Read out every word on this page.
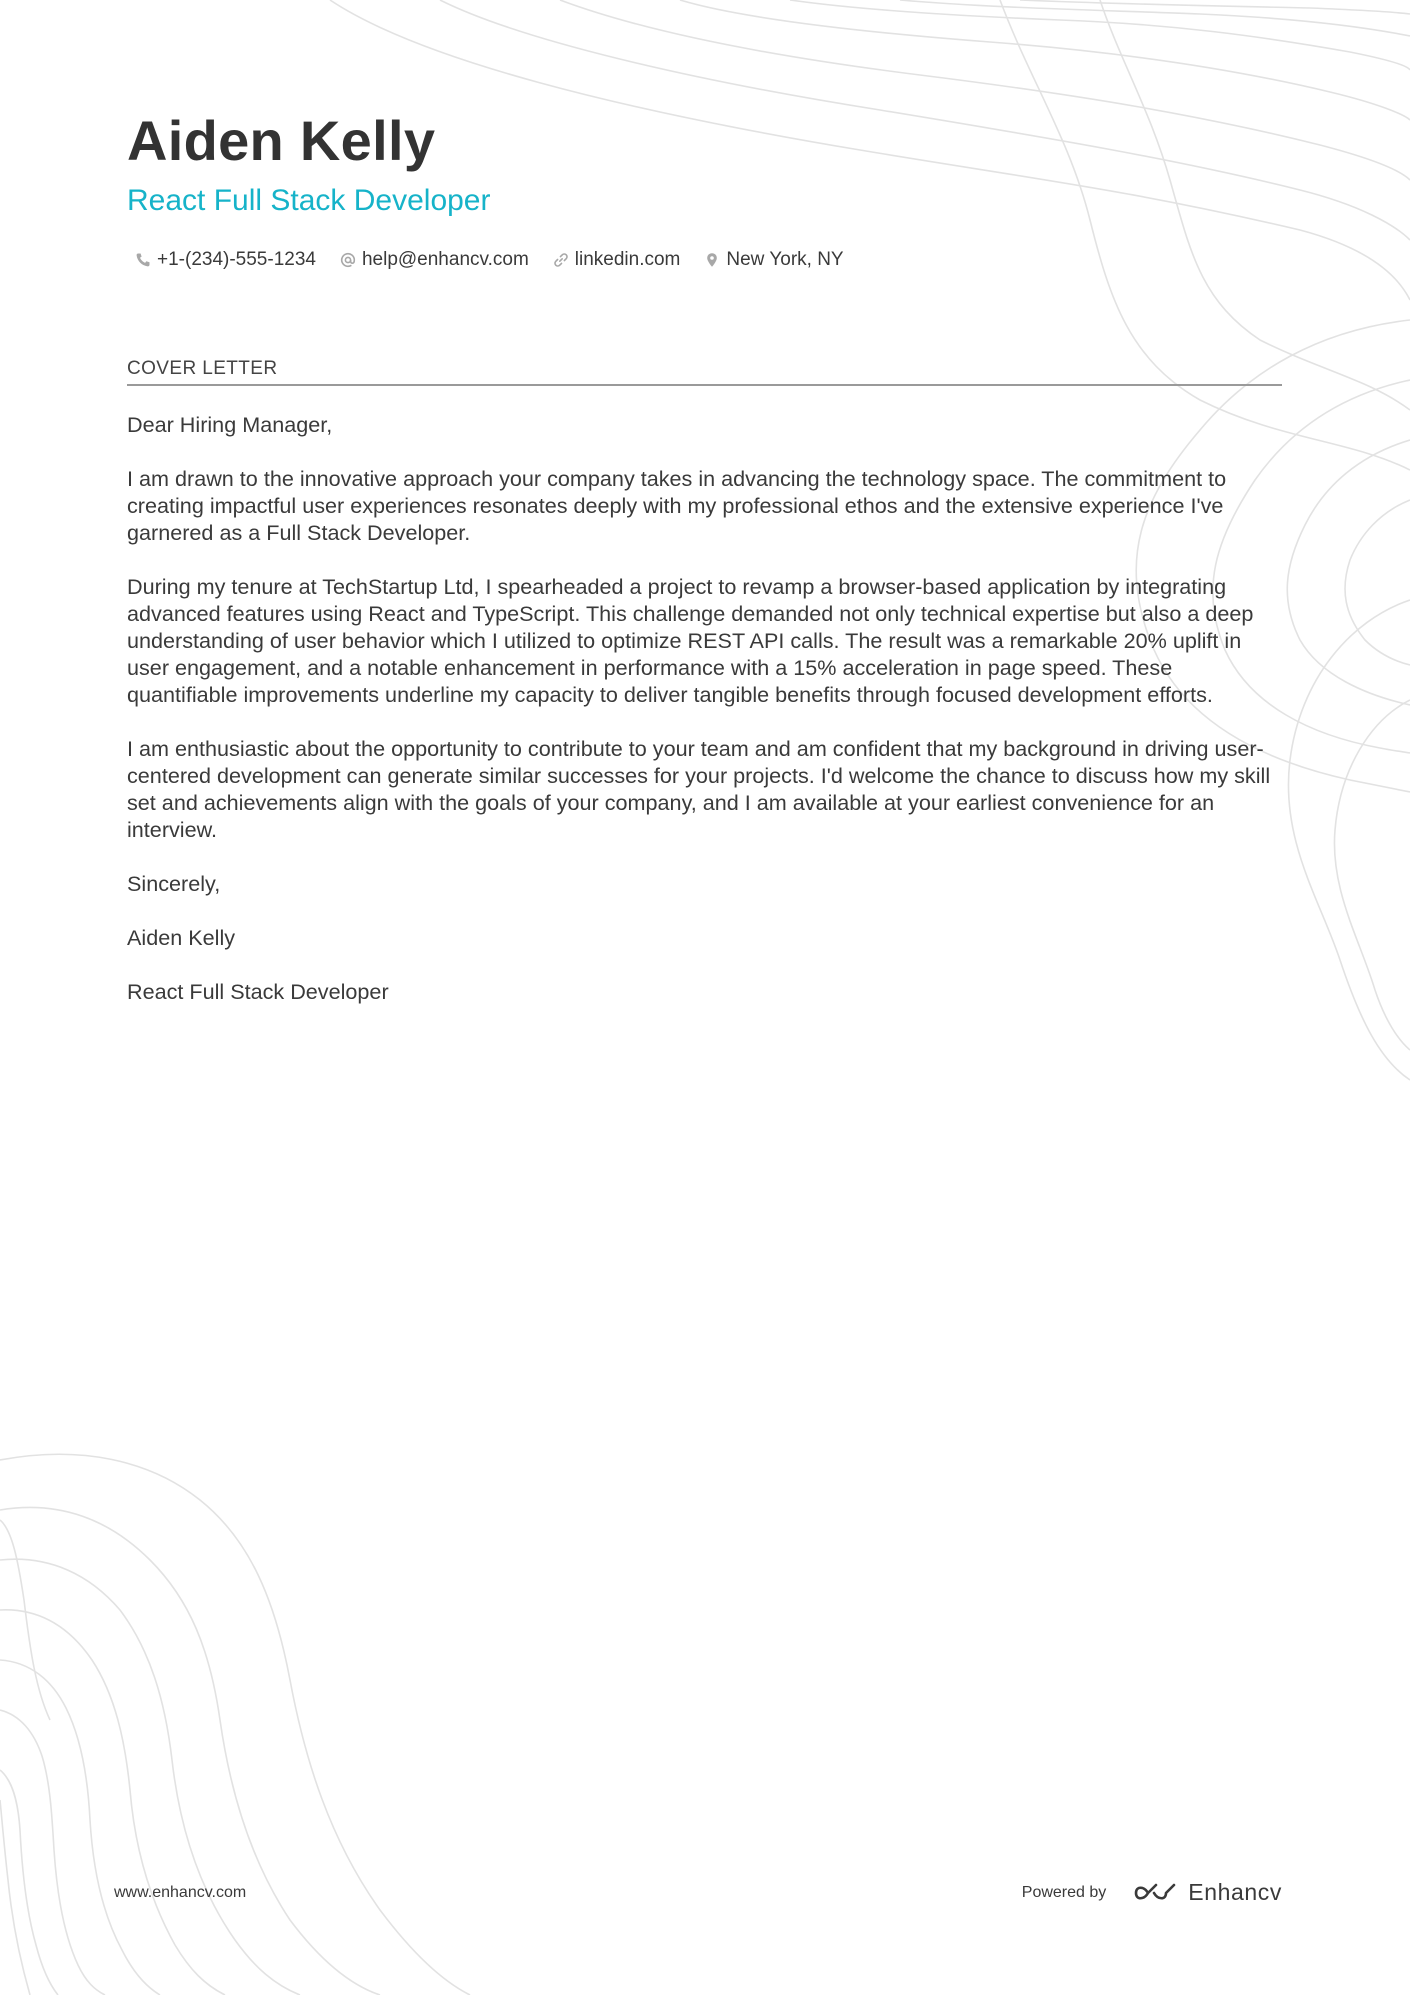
Aiden Kelly
React Full Stack Developer
+1-(234)-555-1234 help@enhancv.com linkedin.com New York, NY
COVER LETTER

Dear Hiring Manager,

I am drawn to the innovative approach your company takes in advancing the technology space. The commitment to creating impactful user experiences resonates deeply with my professional ethos and the extensive experience I've garnered as a Full Stack Developer.

During my tenure at TechStartup Ltd, I spearheaded a project to revamp a browser-based application by integrating advanced features using React and TypeScript. This challenge demanded not only technical expertise but also a deep understanding of user behavior which I utilized to optimize REST API calls. The result was a remarkable 20% uplift in user engagement, and a notable enhancement in performance with a 15% acceleration in page speed. These quantifiable improvements underline my capacity to deliver tangible benefits through focused development efforts.

I am enthusiastic about the opportunity to contribute to your team and am confident that my background in driving user-centered development can generate similar successes for your projects. I'd welcome the chance to discuss how my skill set and achievements align with the goals of your company, and I am available at your earliest convenience for an interview.

Sincerely,

Aiden Kelly

React Full Stack Developer

www.enhancv.com	Powered by	Enhancv
